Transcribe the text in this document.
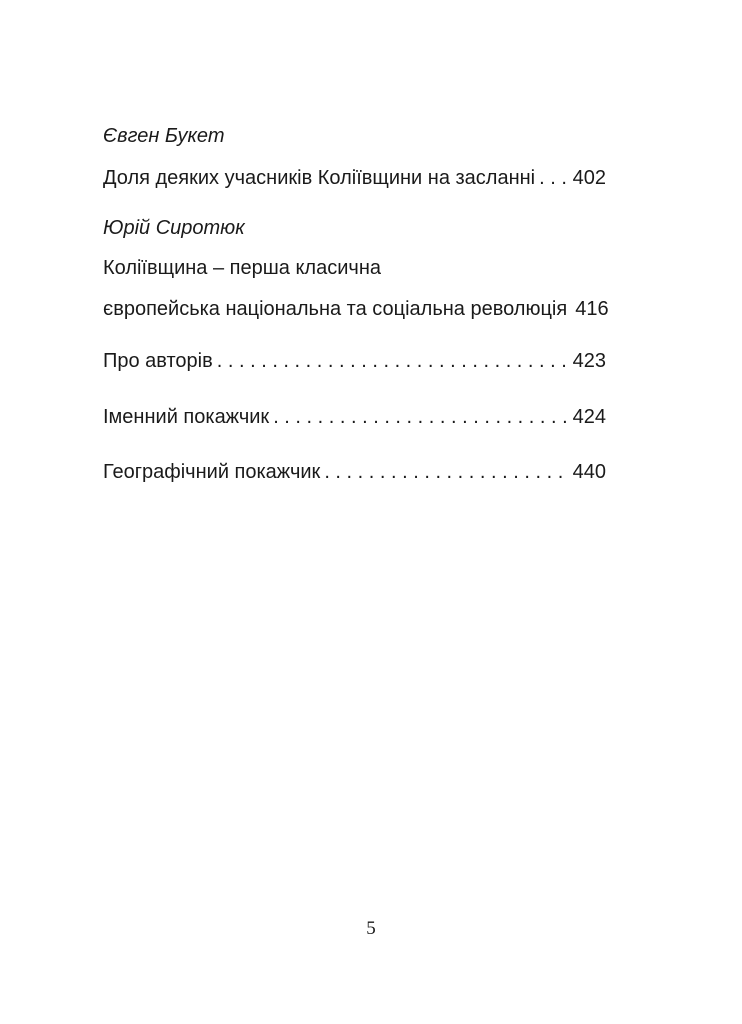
Євген Букет
Доля деяких учасників Коліївщини на засланні . . . 402
Юрій Сиротюк
Коліївщина – перша класична
європейська національна та соціальна революція 416
Про авторів . . .	423
Іменний покажчик . . .	424
Географічний покажчик . . .	440
5
